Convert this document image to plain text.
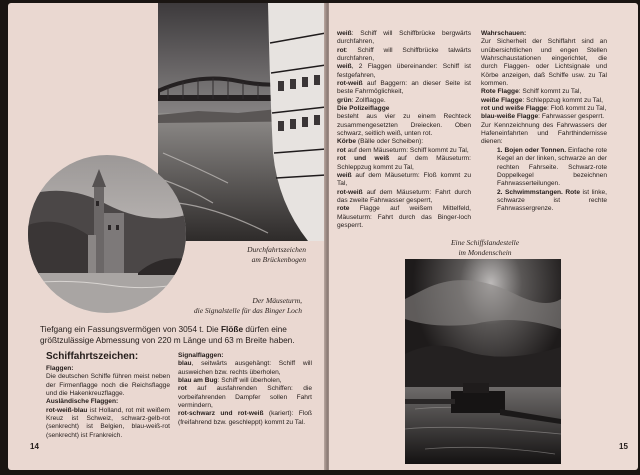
Durchfahrtszeichen
am Brückenbogen
Der Mäuseturm,
die Signalstelle für das Binger Loch
Tiefgang ein Fassungsvermögen von 3054 t. Die Flöße dürfen eine größtzulässige Abmessung von 220 m Länge und 63 m Breite haben.
Schiffahrtszeichen:

Flaggen:

Die deutschen Schiffe führen meist neben der Firmenflagge noch die Reichsflagge und die Hakenkreuzflagge.

Ausländische Flaggen:

rot-weiß-blau ist Holland, rot mit weißem Kreuz ist Schweiz, schwarz-gelb-rot (senkrecht) ist Belgien, blau-weiß-rot (senkrecht) ist Frankreich.

Signalflaggen:

blau, seitwärts ausgehängt: Schiff will ausweichen bzw. rechts überholen,

blau am Bug: Schiff will überholen,

rot auf ausfahrenden Schiffen: die vorbeifahrenden Dampfer sollen Fahrt vermindern,

rot-schwarz und rot-weiß (kariert): Floß (freifahrend bzw. geschleppt) kommt zu Tal.

14

weiß: Schiff will Schiffbrücke bergwärts durchfahren,

rot: Schiff will Schiffbrücke talwärts durchfahren,

weiß, 2 Flaggen übereinander: Schiff ist festgefahren,

rot-weiß auf Baggern: an dieser Seite ist beste Fahrmöglichkeit,

grün: Zollflagge.

Die Polizeiflagge

besteht aus vier zu einem Rechteck zusammengesetzten Dreiecken. Oben schwarz, seitlich weiß, unten rot.

Körbe (Bälle oder Scheiben):

rot auf dem Mäuseturm: Schiff kommt zu Tal,

rot und weiß auf dem Mäuseturm: Schleppzug kommt zu Tal,

weiß auf dem Mäuseturm: Floß kommt zu Tal,

rot-weiß auf dem Mäuseturm: Fahrt durch das zweite Fahrwasser gesperrt,

rote Flagge auf weißem Mittelfeld, Mäuseturm: Fahrt durch das Binger-loch gesperrt.

Wahrschauen:

Zur Sicherheit der Schiffahrt sind an unübersichtlichen und engen Stellen Wahrschaustationen eingerichtet, die durch Flaggen- oder Lichtsignale und Körbe anzeigen, daß Schiffe usw. zu Tal kommen.

Rote Flagge: Schiff kommt zu Tal,

weiße Flagge: Schleppzug kommt zu Tal,

rot und weiße Flagge: Floß kommt zu Tal,

blau-weiße Flagge: Fahrwasser gesperrt.

Zur Kennzeichnung des Fahrwassers der Hafeneinfahrten und Fahrthindernisse dienen:

1. Bojen oder Tonnen. Einfache rote Kegel an der linken, schwarze an der rechten Fahrseite. Schwarz-rote Doppelkegel bezeichnen Fahrwasserteilungen.

2. Schwimmstangen. Rote ist linke, schwarze ist rechte Fahrwassergrenze.

Eine Schiffslandestelle
im Mondenschein
15
